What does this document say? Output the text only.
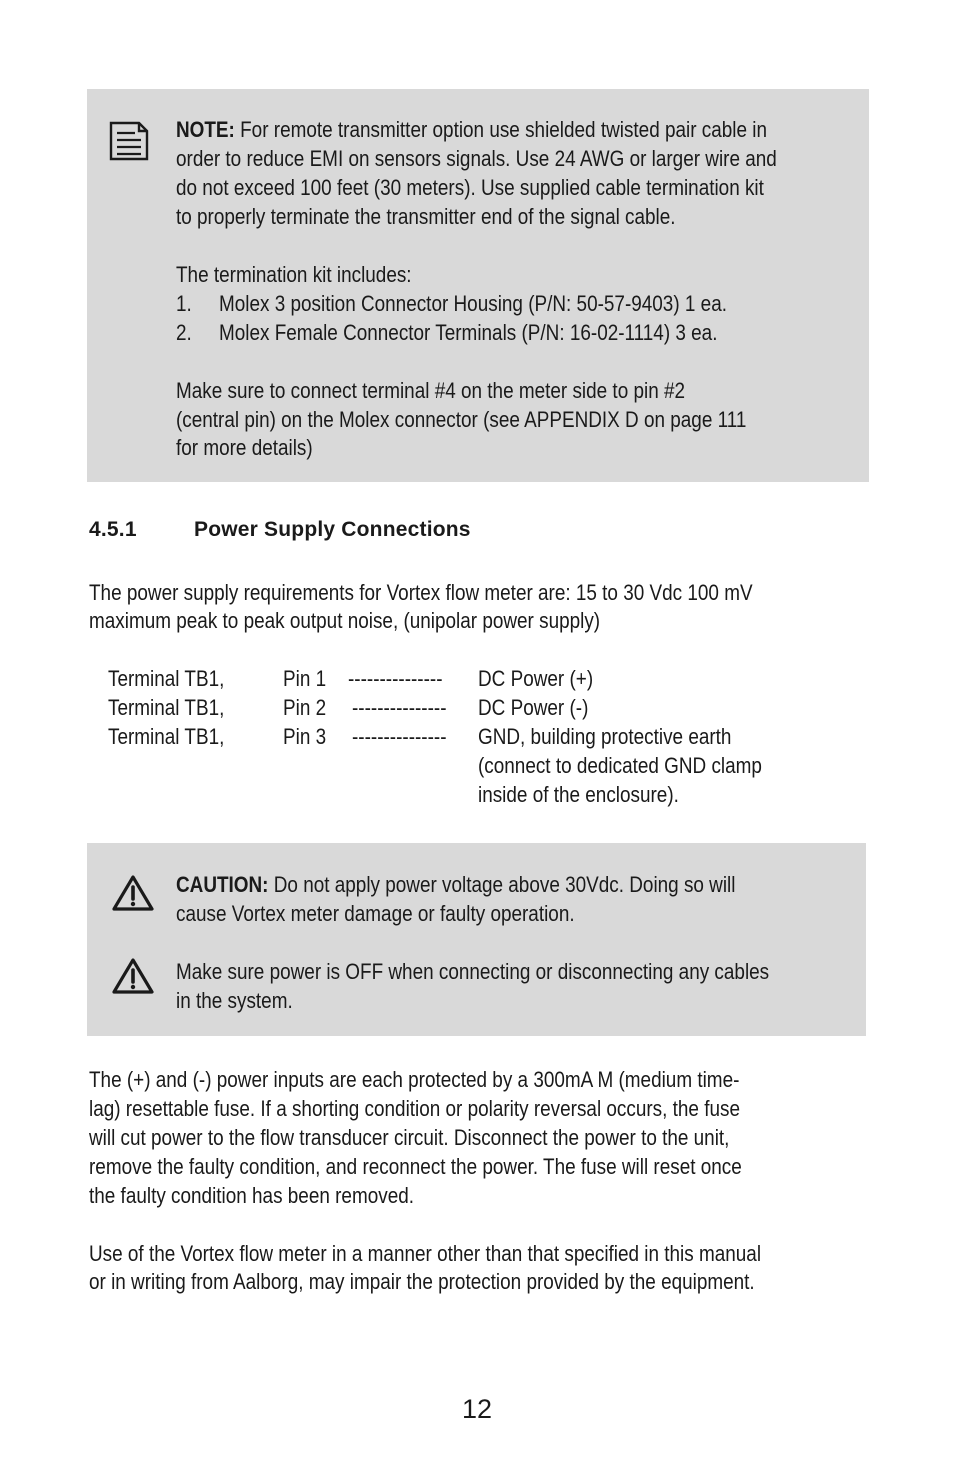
NOTE: For remote transmitter option use shielded twisted pair cable in
order to reduce EMI on sensors signals. Use 24 AWG or larger wire and
do not exceed 100 feet (30 meters). Use supplied cable termination kit
to properly terminate the transmitter end of the signal cable.
The termination kit includes:
1. Molex 3 position Connector Housing (P/N: 50-57-9403) 1 ea.
2. Molex Female Connector Terminals (P/N: 16-02-1114) 3 ea.
Make sure to connect terminal #4 on the meter side to pin #2
(central pin) on the Molex connector (see APPENDIX D on page 111
for more details)
4.5.1	Power Supply Connections
The power supply requirements for Vortex flow meter are: 15 to 30 Vdc 100 mV
maximum peak to peak output noise, (unipolar power supply)
Terminal TB1,	Pin 1 --------------- DC Power (+)
Terminal TB1,	Pin 2 --------------- DC Power (-)
Terminal TB1,	Pin 3 --------------- GND, building protective earth
(connect to dedicated GND clamp
inside of the enclosure).
CAUTION: Do not apply power voltage above 30Vdc. Doing so will
cause Vortex meter damage or faulty operation.
Make sure power is OFF when connecting or disconnecting any cables
in the system.
The (+) and (-) power inputs are each protected by a 300mA M (medium time-
lag) resettable fuse. If a shorting condition or polarity reversal occurs, the fuse
will cut power to the flow transducer circuit. Disconnect the power to the unit,
remove the faulty condition, and reconnect the power. The fuse will reset once
the faulty condition has been removed.
Use of the Vortex flow meter in a manner other than that specified in this manual
or in writing from Aalborg, may impair the protection provided by the equipment.
12
